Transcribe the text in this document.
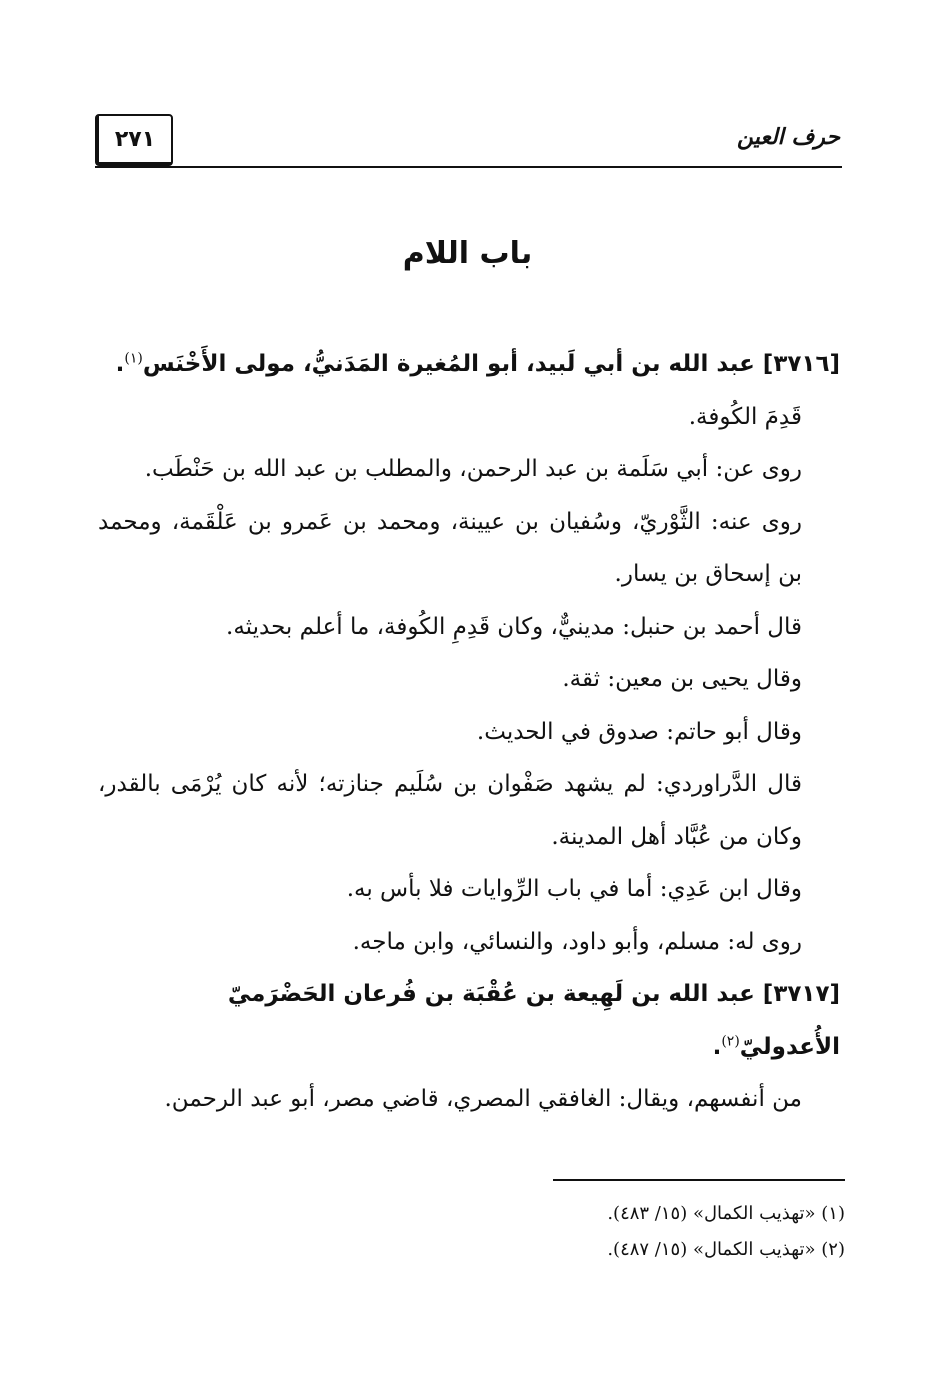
٢٧١	حرف العين
باب اللام

[٣٧١٦] عبد الله بن أبي لَبيد، أبو المُغيرة المَدَنيُّ، مولى الأَخْنَس$^{(١)}$.

قَدِمَ الكُوفة.

روى عن: أبي سَلَمة بن عبد الرحمن، والمطلب بن عبد الله بن حَنْطَب.

روى عنه: الثَّوْريّ، وسُفيان بن عيينة، ومحمد بن عَمرو بن عَلْقَمة، ومحمد بن إسحاق بن يسار.

قال أحمد بن حنبل: مدينيٌّ، وكان قَدِمِ الكُوفة، ما أعلم بحديثه.

وقال يحيى بن معين: ثقة.

وقال أبو حاتم: صدوق في الحديث.

قال الدَّراوردي: لم يشهد صَفْوان بن سُلَيم جنازته؛ لأنه كان يُرْمَى بالقدر، وكان من عُبَّاد أهل المدينة.

وقال ابن عَدِي: أما في باب الرِّوايات فلا بأس به.

روى له: مسلم، وأبو داود، والنسائي، وابن ماجه.

[٣٧١٧] عبد الله بن لَهِيعة بن عُقْبَة بن فُرعان الحَضْرَميّ الأُعدوليّ$^{(٢)}$.

من أنفسهم، ويقال: الغافقي المصري، قاضي مصر، أبو عبد الرحمن.

(١) «تهذيب الكمال» (١٥/ ٤٨٣).

(٢) «تهذيب الكمال» (١٥/ ٤٨٧).
